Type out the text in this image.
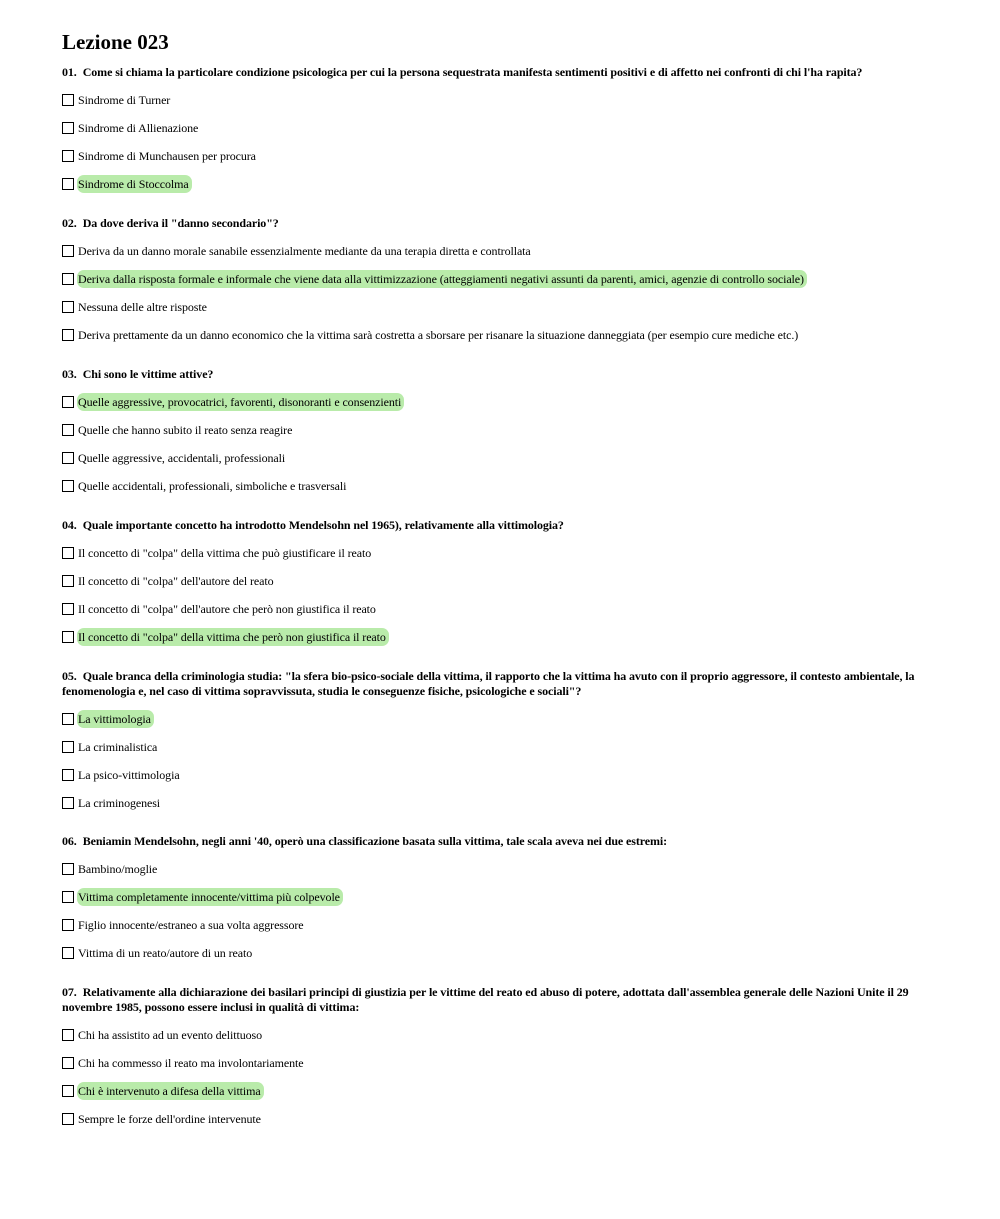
Lezione 023
01. Come si chiama la particolare condizione psicologica per cui la persona sequestrata manifesta sentimenti positivi e di affetto nei confronti di chi l'ha rapita?
Sindrome di Turner
Sindrome di Allienazione
Sindrome di Munchausen per procura
Sindrome di Stoccolma
02. Da dove deriva il "danno secondario"?
Deriva da un danno morale sanabile essenzialmente mediante da una terapia diretta e controllata
Deriva dalla risposta formale e informale che viene data alla vittimizzazione (atteggiamenti negativi assunti da parenti, amici, agenzie di controllo sociale)
Nessuna delle altre risposte
Deriva prettamente da un danno economico che la vittima sarà costretta a sborsare per risanare la situazione danneggiata (per esempio cure mediche etc.)
03. Chi sono le vittime attive?
Quelle aggressive, provocatrici, favorenti, disonoranti e consenzienti
Quelle che hanno subito il reato senza reagire
Quelle aggressive, accidentali, professionali
Quelle accidentali, professionali, simboliche e trasversali
04. Quale importante concetto ha introdotto Mendelsohn nel 1965), relativamente alla vittimologia?
Il concetto di "colpa" della vittima che può giustificare il reato
Il concetto di "colpa" dell'autore del reato
Il concetto di "colpa" dell'autore che però non giustifica il reato
Il concetto di "colpa" della vittima che però non giustifica il reato
05. Quale branca della criminologia studia: "la sfera bio-psico-sociale della vittima, il rapporto che la vittima ha avuto con il proprio aggressore, il contesto ambientale, la fenomenologia e, nel caso di vittima sopravvissuta, studia le conseguenze fisiche, psicologiche e sociali"?
La vittimologia
La criminalistica
La psico-vittimologia
La criminogenesi
06. Beniamin Mendelsohn, negli anni '40, operò una classificazione basata sulla vittima, tale scala aveva nei due estremi:
Bambino/moglie
Vittima completamente innocente/vittima più colpevole
Figlio innocente/estraneo a sua volta aggressore
Vittima di un reato/autore di un reato
07. Relativamente alla dichiarazione dei basilari principi di giustizia per le vittime del reato ed abuso di potere, adottata dall'assemblea generale delle Nazioni Unite il 29 novembre 1985, possono essere inclusi in qualità di vittima:
Chi ha assistito ad un evento delittuoso
Chi ha commesso il reato ma involontariamente
Chi è intervenuto a difesa della vittima
Sempre le forze dell'ordine intervenute
